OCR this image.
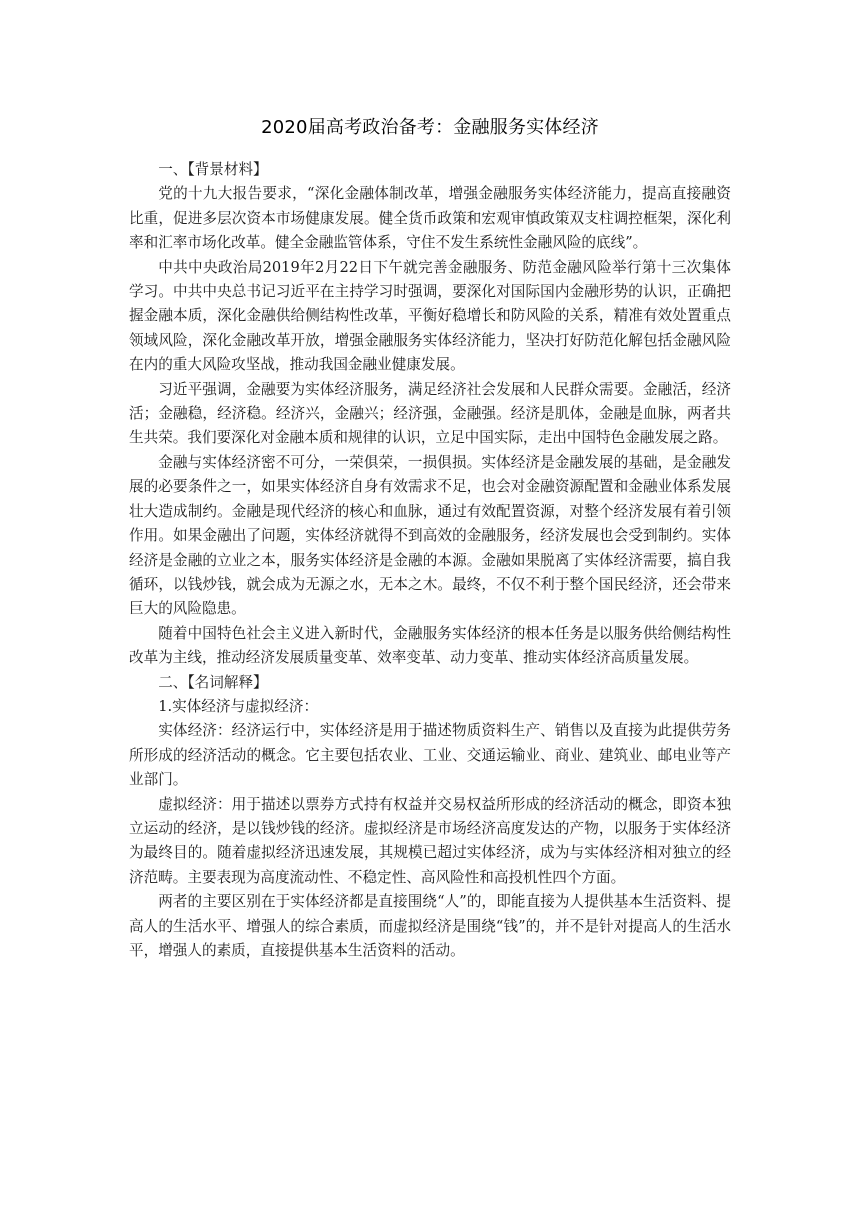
2020届高考政治备考：金融服务实体经济

一、【背景材料】

党的十九大报告要求，“深化金融体制改革，增强金融服务实体经济能力，提高直接融资比重，促进多层次资本市场健康发展。健全货币政策和宏观审慎政策双支柱调控框架，深化利率和汇率市场化改革。健全金融监管体系，守住不发生系统性金融风险的底线”。

中共中央政治局2019年2月22日下午就完善金融服务、防范金融风险举行第十三次集体学习。中共中央总书记习近平在主持学习时强调，要深化对国际国内金融形势的认识，正确把握金融本质，深化金融供给侧结构性改革，平衡好稳增长和防风险的关系，精准有效处置重点领域风险，深化金融改革开放，增强金融服务实体经济能力，坚决打好防范化解包括金融风险在内的重大风险攻坚战，推动我国金融业健康发展。

习近平强调，金融要为实体经济服务，满足经济社会发展和人民群众需要。金融活，经济活；金融稳，经济稳。经济兴，金融兴；经济强，金融强。经济是肌体，金融是血脉，两者共生共荣。我们要深化对金融本质和规律的认识，立足中国实际，走出中国特色金融发展之路。

金融与实体经济密不可分，一荣俱荣，一损俱损。实体经济是金融发展的基础，是金融发展的必要条件之一，如果实体经济自身有效需求不足，也会对金融资源配置和金融业体系发展壮大造成制约。金融是现代经济的核心和血脉，通过有效配置资源，对整个经济发展有着引领作用。如果金融出了问题，实体经济就得不到高效的金融服务，经济发展也会受到制约。实体经济是金融的立业之本，服务实体经济是金融的本源。金融如果脱离了实体经济需要，搞自我循环，以钱炒钱，就会成为无源之水，无本之木。最终，不仅不利于整个国民经济，还会带来巨大的风险隐患。

随着中国特色社会主义进入新时代，金融服务实体经济的根本任务是以服务供给侧结构性改革为主线，推动经济发展质量变革、效率变革、动力变革、推动实体经济高质量发展。

二、【名词解释】

1.实体经济与虚拟经济：

实体经济：经济运行中，实体经济是用于描述物质资料生产、销售以及直接为此提供劳务所形成的经济活动的概念。它主要包括农业、工业、交通运输业、商业、建筑业、邮电业等产业部门。

虚拟经济：用于描述以票券方式持有权益并交易权益所形成的经济活动的概念，即资本独立运动的经济，是以钱炒钱的经济。虚拟经济是市场经济高度发达的产物，以服务于实体经济为最终目的。随着虚拟经济迅速发展，其规模已超过实体经济，成为与实体经济相对独立的经济范畴。主要表现为高度流动性、不稳定性、高风险性和高投机性四个方面。

两者的主要区别在于实体经济都是直接围绕“人”的，即能直接为人提供基本生活资料、提高人的生活水平、增强人的综合素质，而虚拟经济是围绕“钱”的，并不是针对提高人的生活水平，增强人的素质，直接提供基本生活资料的活动。
